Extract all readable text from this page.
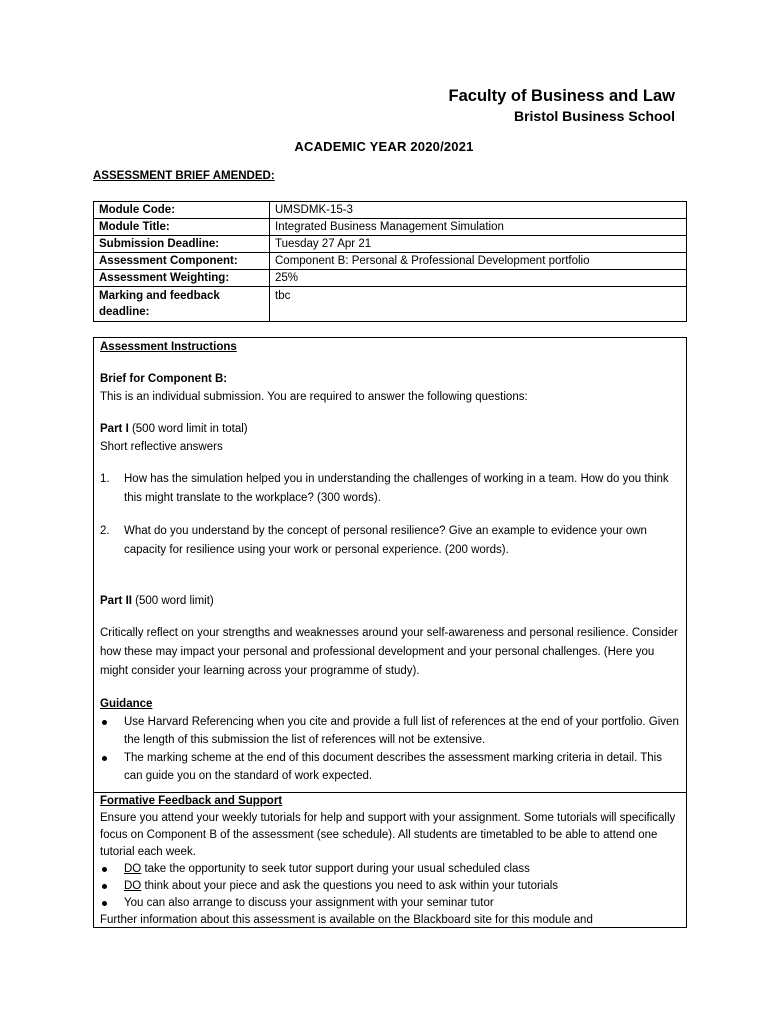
Faculty of Business and Law
Bristol Business School
ACADEMIC YEAR 2020/2021
ASSESSMENT BRIEF AMENDED:
Module Code:	UMSDMK-15-3
Module Title:	Integrated Business Management Simulation
Submission Deadline:	Tuesday 27 Apr 21
Assessment Component:	Component B: Personal & Professional Development portfolio
Assessment Weighting:	25%
Marking and feedback deadline:	tbc

Assessment Instructions

Brief for Component B:

This is an individual submission. You are required to answer the following questions:

Part I (500 word limit in total)

Short reflective answers

1.	How has the simulation helped you in understanding the challenges of working in a team. How do you think this might translate to the workplace? (300 words).
2.	What do you understand by the concept of personal resilience? Give an example to evidence your own capacity for resilience using your work or personal experience. (200 words).

Part II (500 word limit)

Critically reflect on your strengths and weaknesses around your self-awareness and personal resilience. Consider how these may impact your personal and professional development and your personal challenges. (Here you might consider your learning across your programme of study).

Guidance

Use Harvard Referencing when you cite and provide a full list of references at the end of your portfolio. Given the length of this submission the list of references will not be extensive.
The marking scheme at the end of this document describes the assessment marking criteria in detail. This can guide you on the standard of work expected.

Formative Feedback and Support

Ensure you attend your weekly tutorials for help and support with your assignment. Some tutorials will specifically focus on Component B of the assessment (see schedule). All students are timetabled to be able to attend one tutorial each week.

DO take the opportunity to seek tutor support during your usual scheduled class
DO think about your piece and ask the questions you need to ask within your tutorials
You can also arrange to discuss your assignment with your seminar tutor

Further information about this assessment is available on the Blackboard site for this module and
